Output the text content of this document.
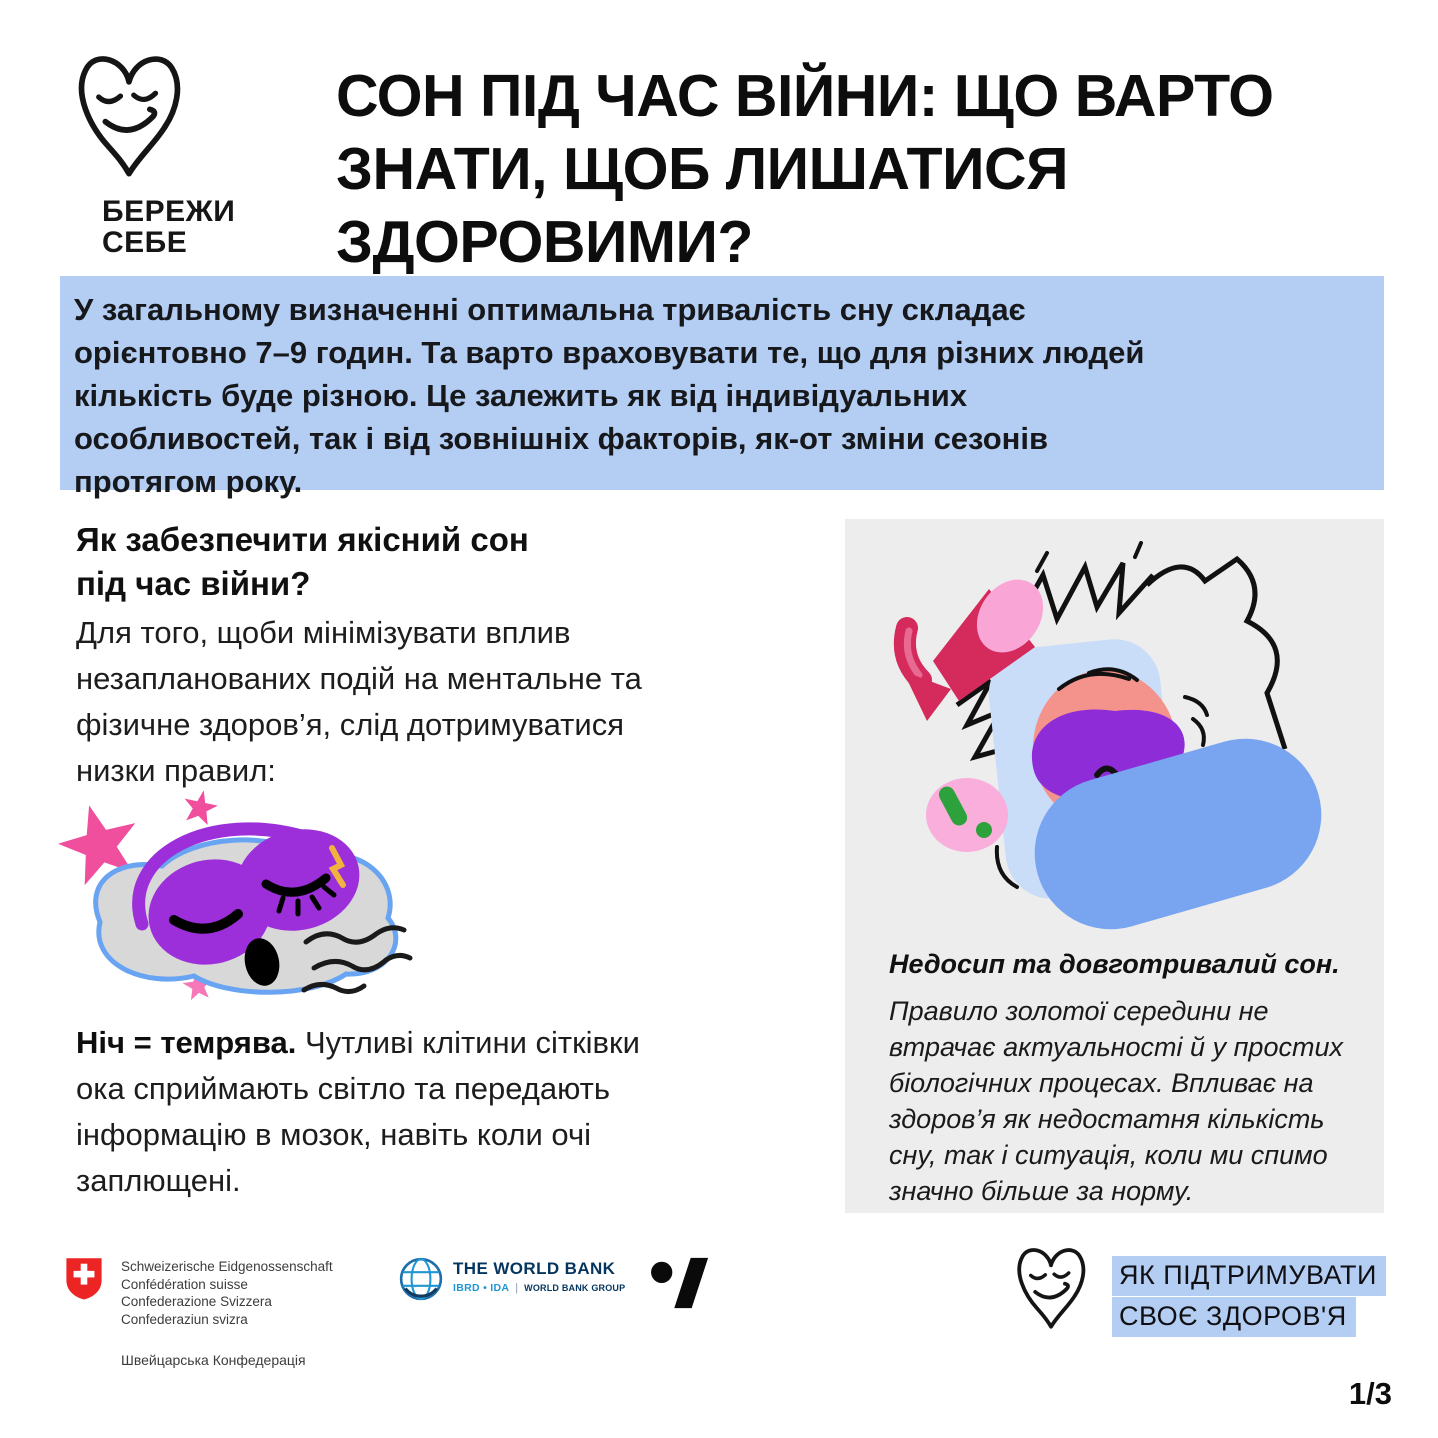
БЕРЕЖИ
СЕБЕ
СОН ПІД ЧАС ВІЙНИ: ЩО ВАРТО
ЗНАТИ, ЩОБ ЛИШАТИСЯ
ЗДОРОВИМИ?
У загальному визначенні оптимальна тривалість сну складає
орієнтовно 7–9 годин. Та варто враховувати те, що для різних людей
кількість буде різною. Це залежить як від індивідуальних
особливостей, так і від зовнішніх факторів, як-от зміни сезонів
протягом року.
Як забезпечити якісний сон
під час війни?
Для того, щоби мінімізувати вплив
незапланованих подій на ментальне та
фізичне здоров’я, слід дотримуватися
низки правил:
Ніч = темрява. Чутливі клітини сітківки
ока сприймають світло та передають
інформацію в мозок, навіть коли очі
заплющені.
Недосип та довготривалий сон.
Правило золотої середини не
втрачає актуальності й у простих
біологічних процесах. Впливає на
здоров’я як недостатня кількість
сну, так і ситуація, коли ми спимо
значно більше за норму.
Schweizerische Eidgenossenschaft
Confédération suisse
Confederazione Svizzera
Confederaziun svizra
Швейцарська Конфедерація
THE WORLD BANK
IBRD • IDA | WORLD BANK GROUP	ЯК ПІДТРИМУВАТИ
СВОЄ ЗДОРОВ'Я
1/3
